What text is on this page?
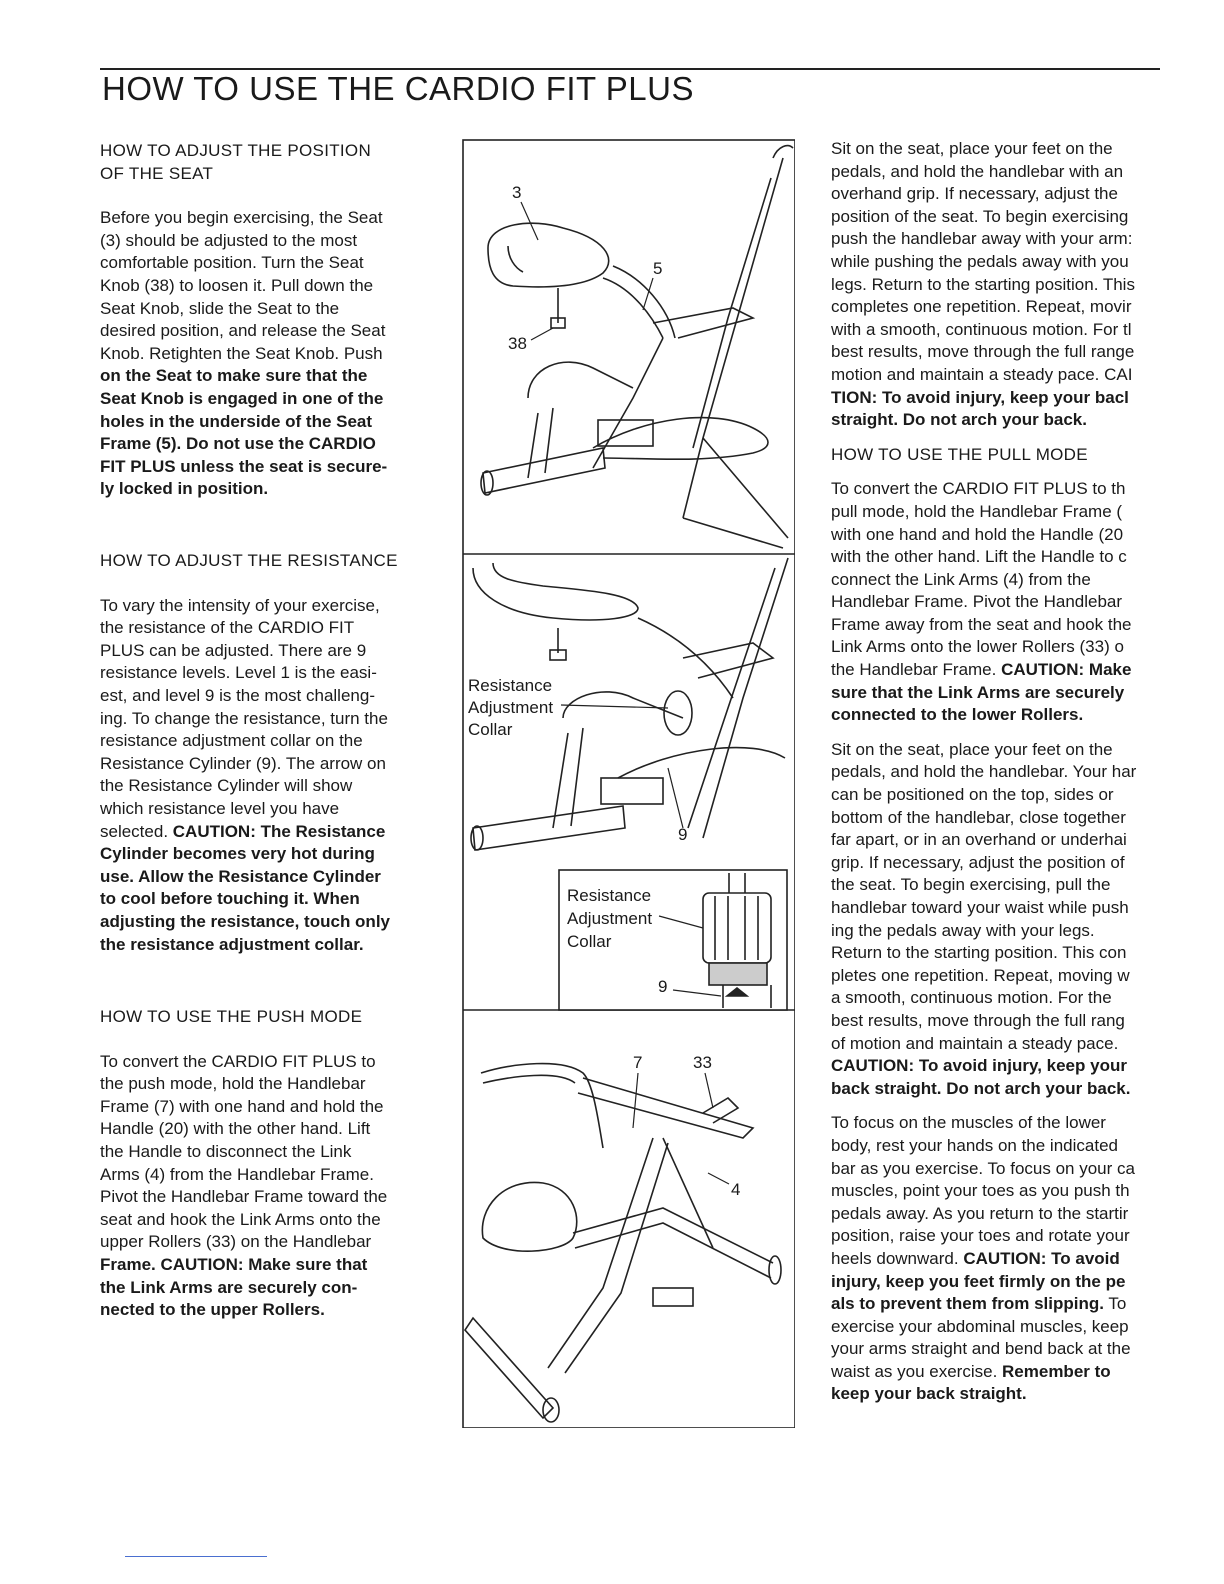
HOW TO USE THE CARDIO FIT PLUS

HOW TO ADJUST THE POSITION

OF THE SEAT

Before you begin exercising, the Seat

(3) should be adjusted to the most

comfortable position. Turn the Seat

Knob (38) to loosen it. Pull down the

Seat Knob, slide the Seat to the

desired position, and release the Seat

Knob. Retighten the Seat Knob. Push

on the Seat to make sure that the

Seat Knob is engaged in one of the

holes in the underside of the Seat

Frame (5). Do not use the CARDIO

FIT PLUS unless the seat is secure-

ly locked in position.

HOW TO ADJUST THE RESISTANCE

To vary the intensity of your exercise,

the resistance of the CARDIO FIT

PLUS can be adjusted. There are 9

resistance levels. Level 1 is the easi-

est, and level 9 is the most challeng-

ing. To change the resistance, turn the

resistance adjustment collar on the

Resistance Cylinder (9). The arrow on

the Resistance Cylinder will show

which resistance level you have

selected. CAUTION: The Resistance

Cylinder becomes very hot during

use. Allow the Resistance Cylinder

to cool before touching it. When

adjusting the resistance, touch only

the resistance adjustment collar.

HOW TO USE THE PUSH MODE

To convert the CARDIO FIT PLUS to

the push mode, hold the Handlebar

Frame (7) with one hand and hold the

Handle (20) with the other hand. Lift

the Handle to disconnect the Link

Arms (4) from the Handlebar Frame.

Pivot the Handlebar Frame toward the

seat and hook the Link Arms onto the

upper Rollers (33) on the Handlebar

Frame. CAUTION: Make sure that

the Link Arms are securely con-

nected to the upper Rollers.

3
5
38
Resistance
Adjustment
Collar
9
Resistance
Adjustment
Collar
9
7	33
4

Sit on the seat, place your feet on the

pedals, and hold the handlebar with an

overhand grip. If necessary, adjust the

position of the seat. To begin exercising

push the handlebar away with your arm:

while pushing the pedals away with you

legs. Return to the starting position. This

completes one repetition. Repeat, movir

with a smooth, continuous motion. For tl

best results, move through the full range

motion and maintain a steady pace. CAI

TION: To avoid injury, keep your bacl

straight. Do not arch your back.

HOW TO USE THE PULL MODE

To convert the CARDIO FIT PLUS to th

pull mode, hold the Handlebar Frame (

with one hand and hold the Handle (20

with the other hand. Lift the Handle to c

connect the Link Arms (4) from the

Handlebar Frame. Pivot the Handlebar

Frame away from the seat and hook the

Link Arms onto the lower Rollers (33) o

the Handlebar Frame. CAUTION: Make

sure that the Link Arms are securely

connected to the lower Rollers.

Sit on the seat, place your feet on the

pedals, and hold the handlebar. Your har

can be positioned on the top, sides or

bottom of the handlebar, close together

far apart, or in an overhand or underhai

grip. If necessary, adjust the position of

the seat. To begin exercising, pull the

handlebar toward your waist while push

ing the pedals away with your legs.

Return to the starting position. This con

pletes one repetition. Repeat, moving w

a smooth, continuous motion. For the

best results, move through the full rang

of motion and maintain a steady pace.

CAUTION: To avoid injury, keep your

back straight. Do not arch your back.

To focus on the muscles of the lower

body, rest your hands on the indicated

bar as you exercise. To focus on your ca

muscles, point your toes as you push th

pedals away. As you return to the startir

position, raise your toes and rotate your

heels downward. CAUTION: To avoid

injury, keep you feet firmly on the pe

als to prevent them from slipping. To

exercise your abdominal muscles, keep

your arms straight and bend back at the

waist as you exercise. Remember to

keep your back straight.
